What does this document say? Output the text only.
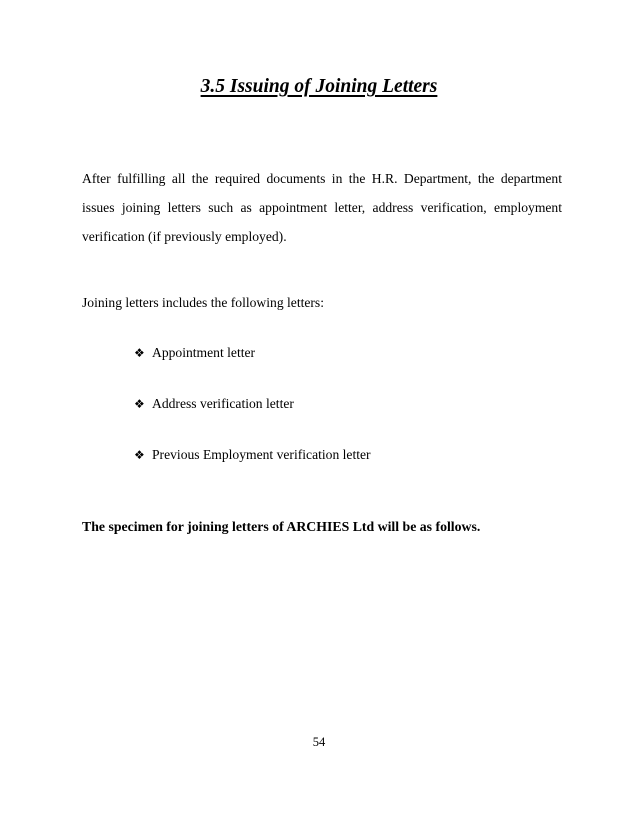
3.5 Issuing of Joining Letters
After fulfilling all the required documents in the H.R. Department, the department issues joining letters such as appointment letter, address verification, employment verification (if previously employed).
Joining letters includes the following letters:
❖ Appointment letter
❖ Address verification letter
❖ Previous Employment verification letter
The specimen for joining letters of ARCHIES Ltd will be as follows.
54
